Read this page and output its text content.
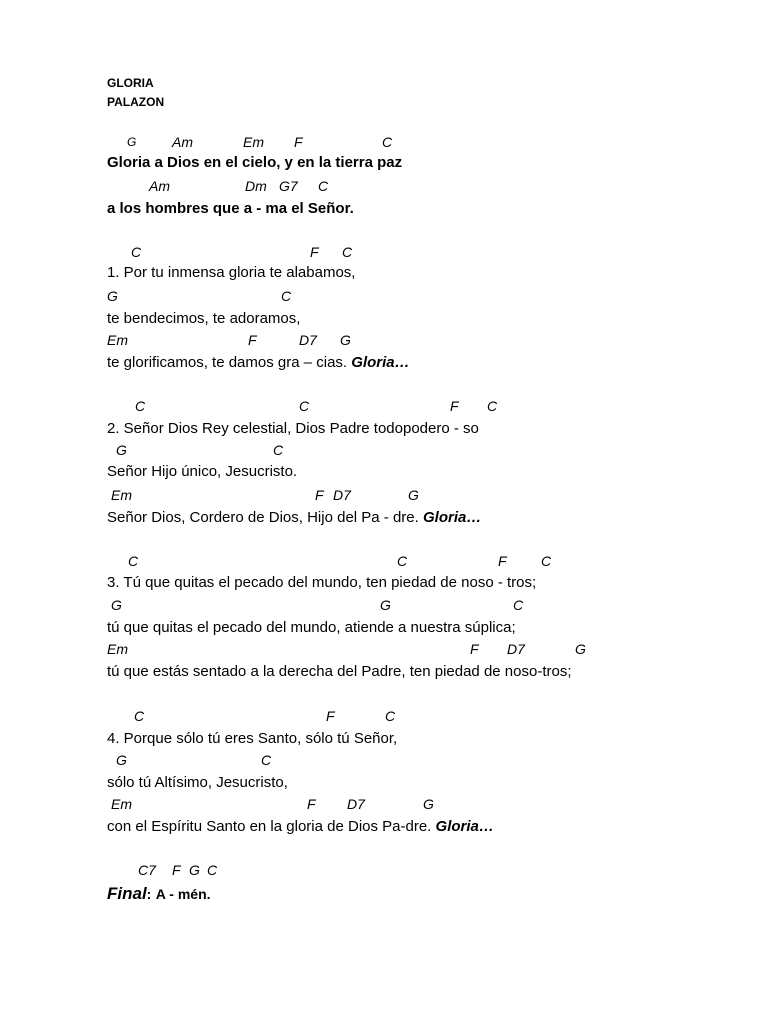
GLORIA
PALAZON
G	Am	Em F	C
Gloria a Dios en el cielo, y en la tierra paz
Am	Dm G7 C
a los hombres que a - ma el Señor.
C	F C
1. Por tu inmensa gloria te alabamos,
G	C
te bendecimos, te adoramos,
Em	F	D7 G
te glorificamos, te damos gra – cias. Gloria…
C	C	F C
2. Señor Dios Rey celestial, Dios Padre todopodero - so
G	C
Señor Hijo único, Jesucristo.
Em	F D7	G
Señor Dios, Cordero de Dios, Hijo del Pa - dre. Gloria…
C	C	F C
3. Tú que quitas el pecado del mundo, ten piedad de noso - tros;
G	G	C
tú que quitas el pecado del mundo, atiende a nuestra súplica;
Em	F D7	G
tú que estás sentado a la derecha del Padre, ten piedad de noso-tros;
C	F	C
4. Porque sólo tú eres Santo, sólo tú Señor,
G	C
sólo tú Altísimo, Jesucristo,
Em	F D7	G
con el Espíritu Santo en la gloria de Dios Pa-dre. Gloria…
C7 F G C
Final: A - mén.
